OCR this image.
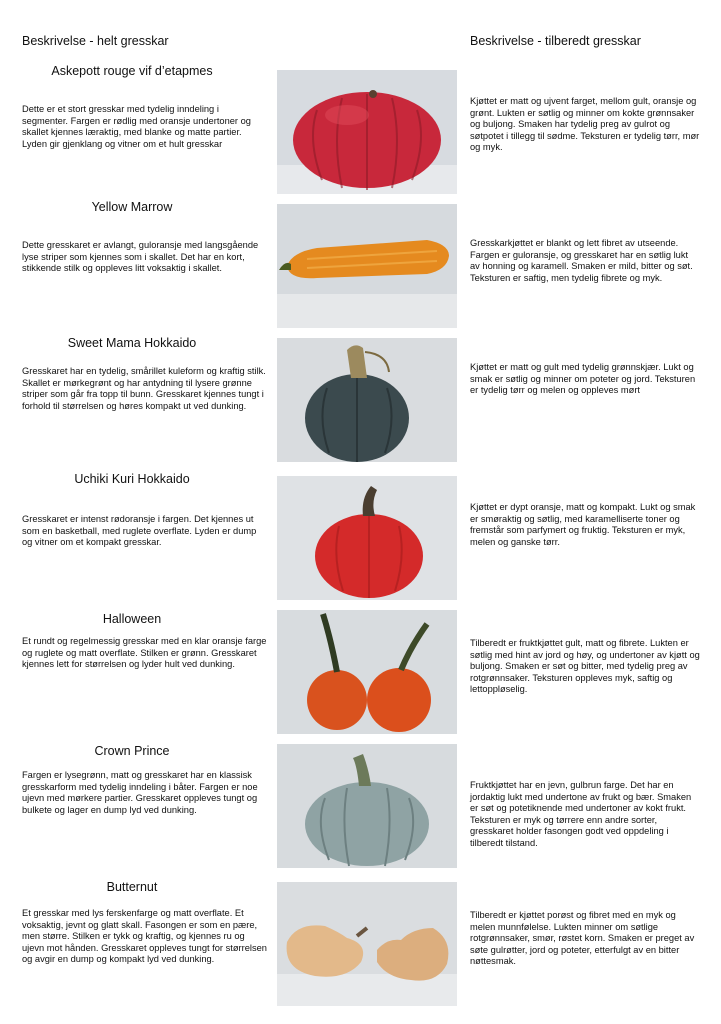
Beskrivelse - helt gresskar	Beskrivelse - tilberedt gresskar
Askepott rouge vif d’etapmes
Dette er et stort gresskar med tydelig inndeling i segmenter. Fargen er rødlig med oransje undertoner og skallet kjennes læraktig, med blanke og matte partier. Lyden gir gjenklang og vitner om et hult gresskar
Kjøttet er matt og ujvent farget, mellom gult, oransje og grønt. Lukten er søtlig og minner om kokte grønnsaker og buljong. Smaken har tydelig preg av gulrot og søtpotet i tillegg til sødme. Teksturen er tydelig tørr, mør og myk.
Yellow Marrow
Dette gresskaret er avlangt, guloransje med langsgående lyse striper som kjennes som i skallet. Det har en kort, stikkende stilk og oppleves litt voksaktig i skallet.
Gresskarkjøttet er blankt og lett fibret av utseende. Fargen er guloransje, og gresskaret har en søtlig lukt av honning og karamell. Smaken er mild, bitter og søt. Teksturen er saftig, men tydelig fibrete og myk.
Sweet Mama Hokkaido
Gresskaret har en tydelig, smårillet kuleform og kraftig stilk. Skallet er mørkegrønt og har antydning til lysere grønne striper som går fra topp til bunn. Gresskaret kjennes tungt i forhold til størrelsen og høres kompakt ut ved dunking.
Kjøttet er matt og gult med tydelig grønnskjær. Lukt og smak er søtlig og minner om poteter og jord. Teksturen er tydelig tørr og melen og oppleves mørt
Uchiki Kuri Hokkaido
Gresskaret er intenst rødoransje i fargen. Det kjennes ut som en basketball, med ruglete overflate. Lyden er dump og vitner om et kompakt gresskar.
Kjøttet er dypt oransje, matt og kompakt. Lukt og smak er smøraktig og søtlig, med karamelliserte toner og fremstår som parfymert og fruktig. Teksturen er myk, melen og ganske tørr.
Halloween
Et rundt og regelmessig gresskar med en klar oransje farge og ruglete og matt overflate. Stilken er grønn. Gresskaret kjennes lett for størrelsen og lyder hult ved dunking.
Tilberedt er fruktkjøttet gult, matt og fibrete. Lukten er søtlig med hint av jord og høy, og undertoner av kjøtt og buljong. Smaken er søt og bitter, med tydelig preg av rotgrønnsaker. Teksturen oppleves myk, saftig og lettoppløselig.
Crown Prince
Fargen er lysegrønn, matt og gresskaret har en klassisk gresskarform med tydelig inndeling i båter. Fargen er noe ujevn med mørkere partier. Gresskaret oppleves tungt og bulkete og lager en dump lyd ved dunking.
Fruktkjøttet har en jevn, gulbrun farge. Det har en jordaktig lukt med undertone av frukt og bær. Smaken er søt og potetiknende med undertoner av kokt frukt. Teksturen er myk og tørrere enn andre sorter, gresskaret holder fasongen godt ved oppdeling i tilberedt tilstand.
Butternut
Et gresskar med lys ferskenfarge og matt overflate. Et voksaktig, jevnt og glatt skall. Fasongen er som en pære, men større. Stilken er tykk og kraftig, og kjennes ru og ujevn mot hånden. Gresskaret oppleves tungt for størrelsen og avgir en dump og kompakt lyd ved dunking.
Tilberedt er kjøttet porøst og fibret med en myk og melen munnfølelse. Lukten minner om søtlige rotgrønnsaker, smør, røstet korn. Smaken er preget av søte gulrøtter, jord og poteter, etterfulgt av en bitter nøttesmak.
